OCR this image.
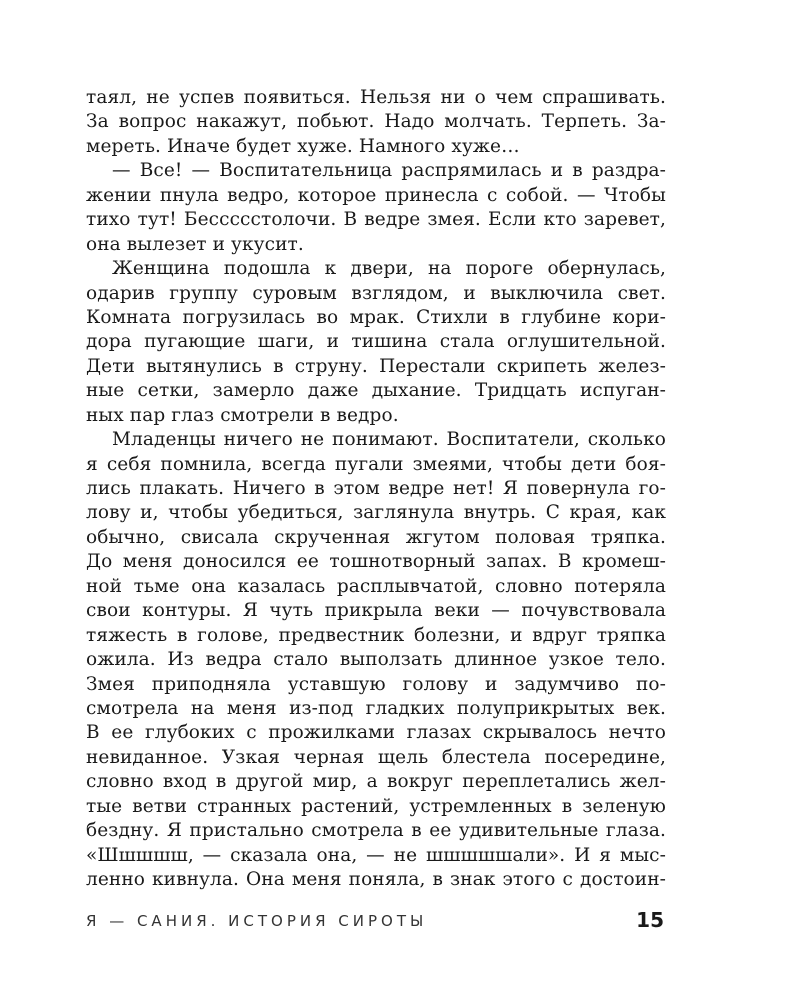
таял, не успев появиться. Нельзя ни о чем спрашивать.
За вопрос накажут, побьют. Надо молчать. Терпеть. За-
мереть. Иначе будет хуже. Намного хуже…
— Все! — Воспитательница распрямилась и в раздра-
жении пнула ведро, которое принесла с собой. — Чтобы
тихо тут! Бессссстолочи. В ведре змея. Если кто заревет,
она вылезет и укусит.
Женщина подошла к двери, на пороге обернулась,
одарив группу суровым взглядом, и выключила свет.
Комната погрузилась во мрак. Стихли в глубине кори-
дора пугающие шаги, и тишина стала оглушительной.
Дети вытянулись в струну. Перестали скрипеть желез-
ные сетки, замерло даже дыхание. Тридцать испуган-
ных пар глаз смотрели в ведро.
Младенцы ничего не понимают. Воспитатели, сколько
я себя помнила, всегда пугали змеями, чтобы дети боя-
лись плакать. Ничего в этом ведре нет! Я повернула го-
лову и, чтобы убедиться, заглянула внутрь. С края, как
обычно, свисала скрученная жгутом половая тряпка.
До меня доносился ее тошнотворный запах. В кромеш-
ной тьме она казалась расплывчатой, словно потеряла
свои контуры. Я чуть прикрыла веки — почувствовала
тяжесть в голове, предвестник болезни, и вдруг тряпка
ожила. Из ведра стало выползать длинное узкое тело.
Змея приподняла уставшую голову и задумчиво по-
смотрела на меня из-под гладких полуприкрытых век.
В ее глубоких с прожилками глазах скрывалось нечто
невиданное. Узкая черная щель блестела посередине,
словно вход в другой мир, а вокруг переплетались жел-
тые ветви странных растений, устремленных в зеленую
бездну. Я пристально смотрела в ее удивительные глаза.
«Шшшшш, — сказала она, — не шшшшшали». И я мыс-
ленно кивнула. Она меня поняла, в знак этого с достоин-
Я — САНИЯ. ИСТОРИЯ СИРОТЫ	15
